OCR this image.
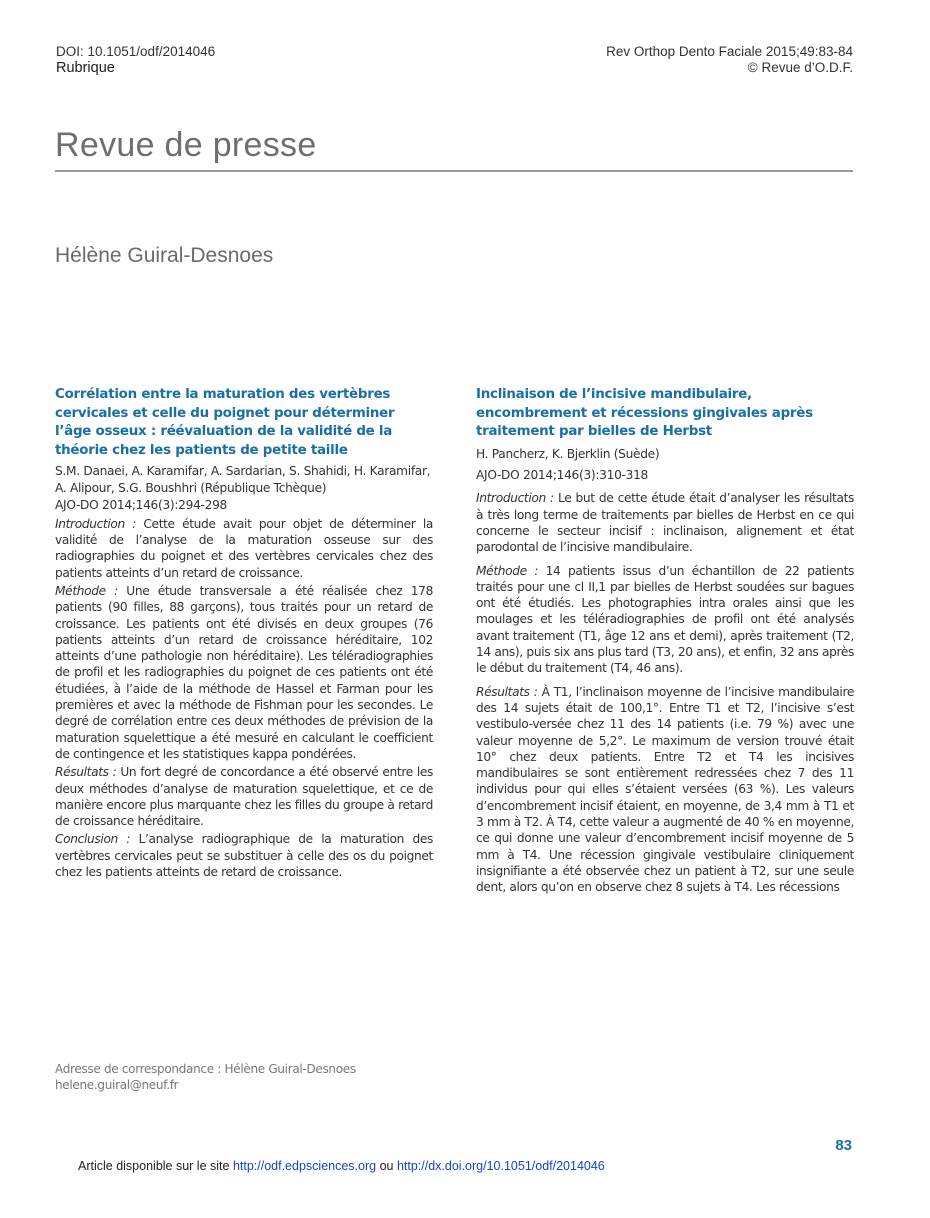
DOI: 10.1051/odf/2014046
Rubrique
Rev Orthop Dento Faciale 2015;49:83-84
© Revue d’O.D.F.
Revue de presse
Hélène Guiral-Desnoes
Corrélation entre la maturation des vertèbres cervicales et celle du poignet pour déterminer l’âge osseux : réévaluation de la validité de la théorie chez les patients de petite taille
S.M. Danaei, A. Karamifar, A. Sardarian, S. Shahidi, H. Karamifar,
A. Alipour, S.G. Boushhri (République Tchèque)
AJO-DO 2014;146(3):294-298

Introduction : Cette étude avait pour objet de déterminer la validité de l’analyse de la maturation osseuse sur des radiographies du poignet et des vertèbres cervicales chez des patients atteints d’un retard de croissance.

Méthode : Une étude transversale a été réalisée chez 178 patients (90 filles, 88 garçons), tous traités pour un retard de croissance. Les patients ont été divisés en deux groupes (76 patients atteints d’un retard de croissance héréditaire, 102 atteints d’une pathologie non héréditaire). Les téléradiographies de profil et les radiographies du poignet de ces patients ont été étudiées, à l’aide de la méthode de Hassel et Farman pour les premières et avec la méthode de Fishman pour les secondes. Le degré de corrélation entre ces deux méthodes de prévision de la maturation squelettique a été mesuré en calculant le coefficient de contingence et les statistiques kappa pondérées.

Résultats : Un fort degré de concordance a été observé entre les deux méthodes d’analyse de maturation squelettique, et ce de manière encore plus marquante chez les filles du groupe à retard de croissance héréditaire.

Conclusion : L’analyse radiographique de la maturation des vertèbres cervicales peut se substituer à celle des os du poignet chez les patients atteints de retard de croissance.

Inclinaison de l’incisive mandibulaire, encombrement et récessions gingivales après traitement par bielles de Herbst
H. Pancherz, K. Bjerklin (Suède)
AJO-DO 2014;146(3):310-318

Introduction : Le but de cette étude était d’analyser les résultats à très long terme de traitements par bielles de Herbst en ce qui concerne le secteur incisif : inclinaison, alignement et état parodontal de l’incisive mandibulaire.

Méthode : 14 patients issus d’un échantillon de 22 patients traités pour une cl II,1 par bielles de Herbst soudées sur bagues ont été étudiés. Les photographies intra orales ainsi que les moulages et les téléradiographies de profil ont été analysés avant traitement (T1, âge 12 ans et demi), après traitement (T2, 14 ans), puis six ans plus tard (T3, 20 ans), et enfin, 32 ans après le début du traitement (T4, 46 ans).

Résultats : À T1, l’inclinaison moyenne de l’incisive mandibulaire des 14 sujets était de 100,1°. Entre T1 et T2, l’incisive s’est vestibulo-versée chez 11 des 14 patients (i.e. 79 %) avec une valeur moyenne de 5,2°. Le maximum de version trouvé était 10° chez deux patients. Entre T2 et T4 les incisives mandibulaires se sont entièrement redressées chez 7 des 11 individus pour qui elles s’étaient versées (63 %). Les valeurs d’encombrement incisif étaient, en moyenne, de 3,4 mm à T1 et 3 mm à T2. À T4, cette valeur a augmenté de 40 % en moyenne, ce qui donne une valeur d’encombrement incisif moyenne de 5 mm à T4. Une récession gingivale vestibulaire cliniquement insignifiante a été observée chez un patient à T2, sur une seule dent, alors qu’on en observe chez 8 sujets à T4. Les récessions

Adresse de correspondance : Hélène Guiral-Desnoes
helene.guiral@neuf.fr
83
Article disponible sur le site http://odf.edpsciences.org ou http://dx.doi.org/10.1051/odf/2014046
